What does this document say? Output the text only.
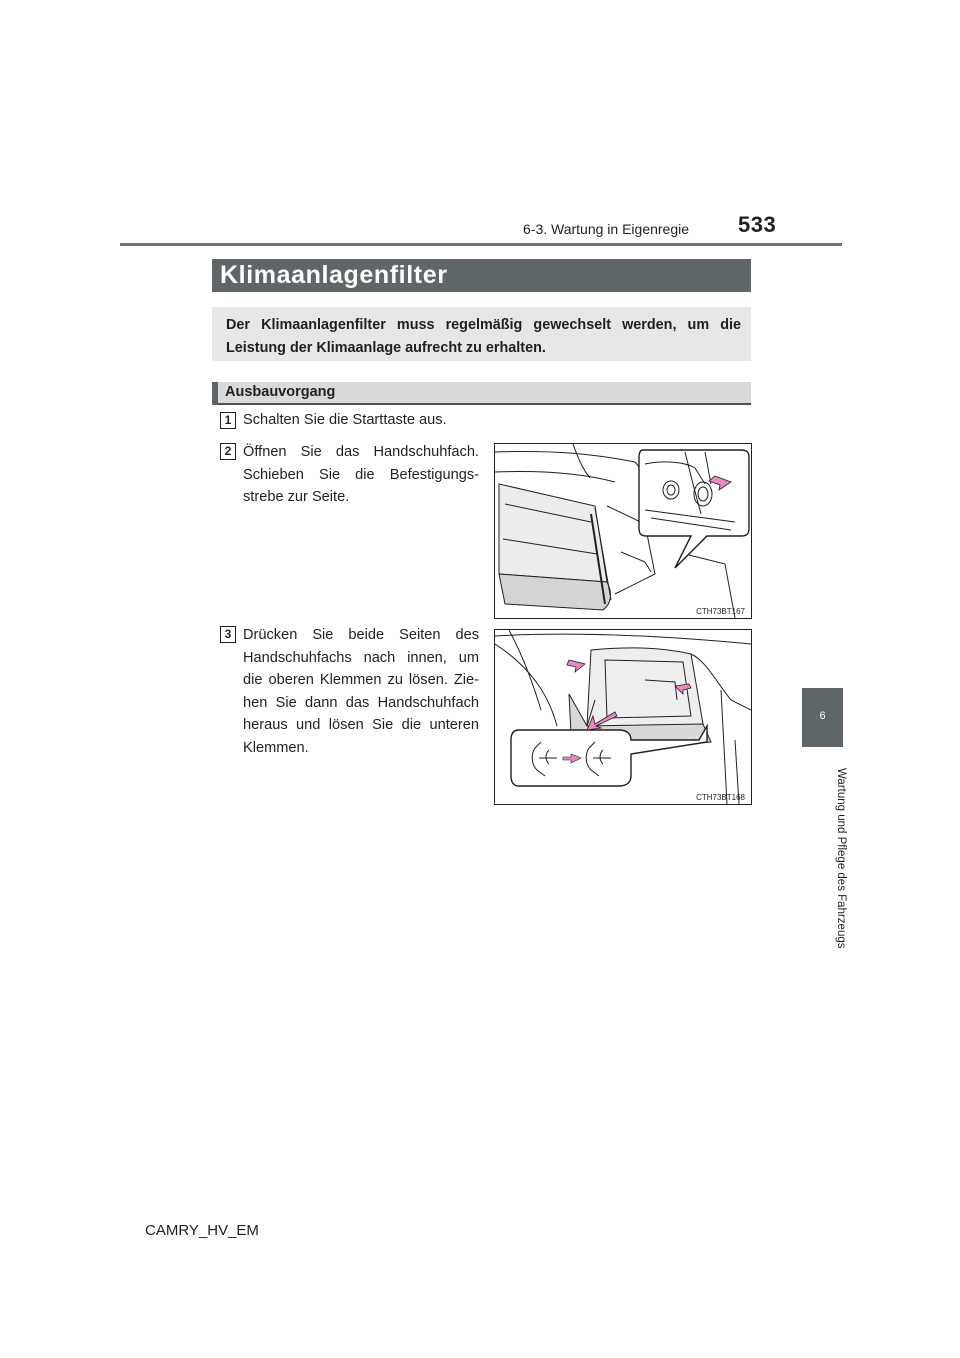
6-3. Wartung in Eigenregie 533
Klimaanlagenfilter
Der Klimaanlagenfilter muss regelmäßig gewechselt werden, um die Leistung der Klimaanlage aufrecht zu erhalten.
Ausbauvorgang
1 Schalten Sie die Starttaste aus.
2 Öffnen Sie das Handschuhfach. Schieben Sie die Befestigungs-strebe zur Seite.
CTH73BT167
3 Drücken Sie beide Seiten des Handschuhfachs nach innen, um die oberen Klemmen zu lösen. Zie-hen Sie dann das Handschuhfach heraus und lösen Sie die unteren Klemmen.
CTH73BT168
6
Wartung und Pflege des Fahrzeugs
CAMRY_HV_EM
